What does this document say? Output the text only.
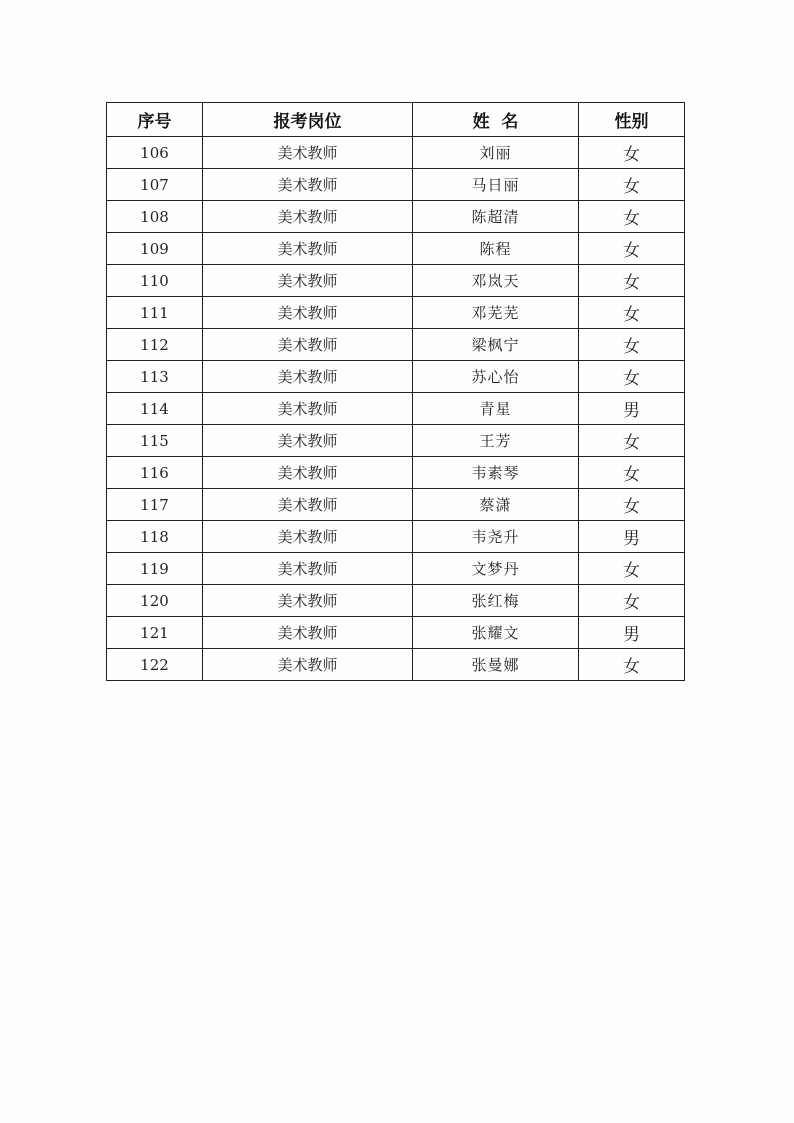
序号	报考岗位	姓  名	性别
106	美术教师	刘丽	女
107	美术教师	马日丽	女
108	美术教师	陈超清	女
109	美术教师	陈程	女
110	美术教师	邓岚天	女
111	美术教师	邓芜芜	女
112	美术教师	梁枫宁	女
113	美术教师	苏心怡	女
114	美术教师	青星	男
115	美术教师	王芳	女
116	美术教师	韦素琴	女
117	美术教师	蔡潇	女
118	美术教师	韦尧升	男
119	美术教师	文梦丹	女
120	美术教师	张红梅	女
121	美术教师	张耀文	男
122	美术教师	张曼娜	女
